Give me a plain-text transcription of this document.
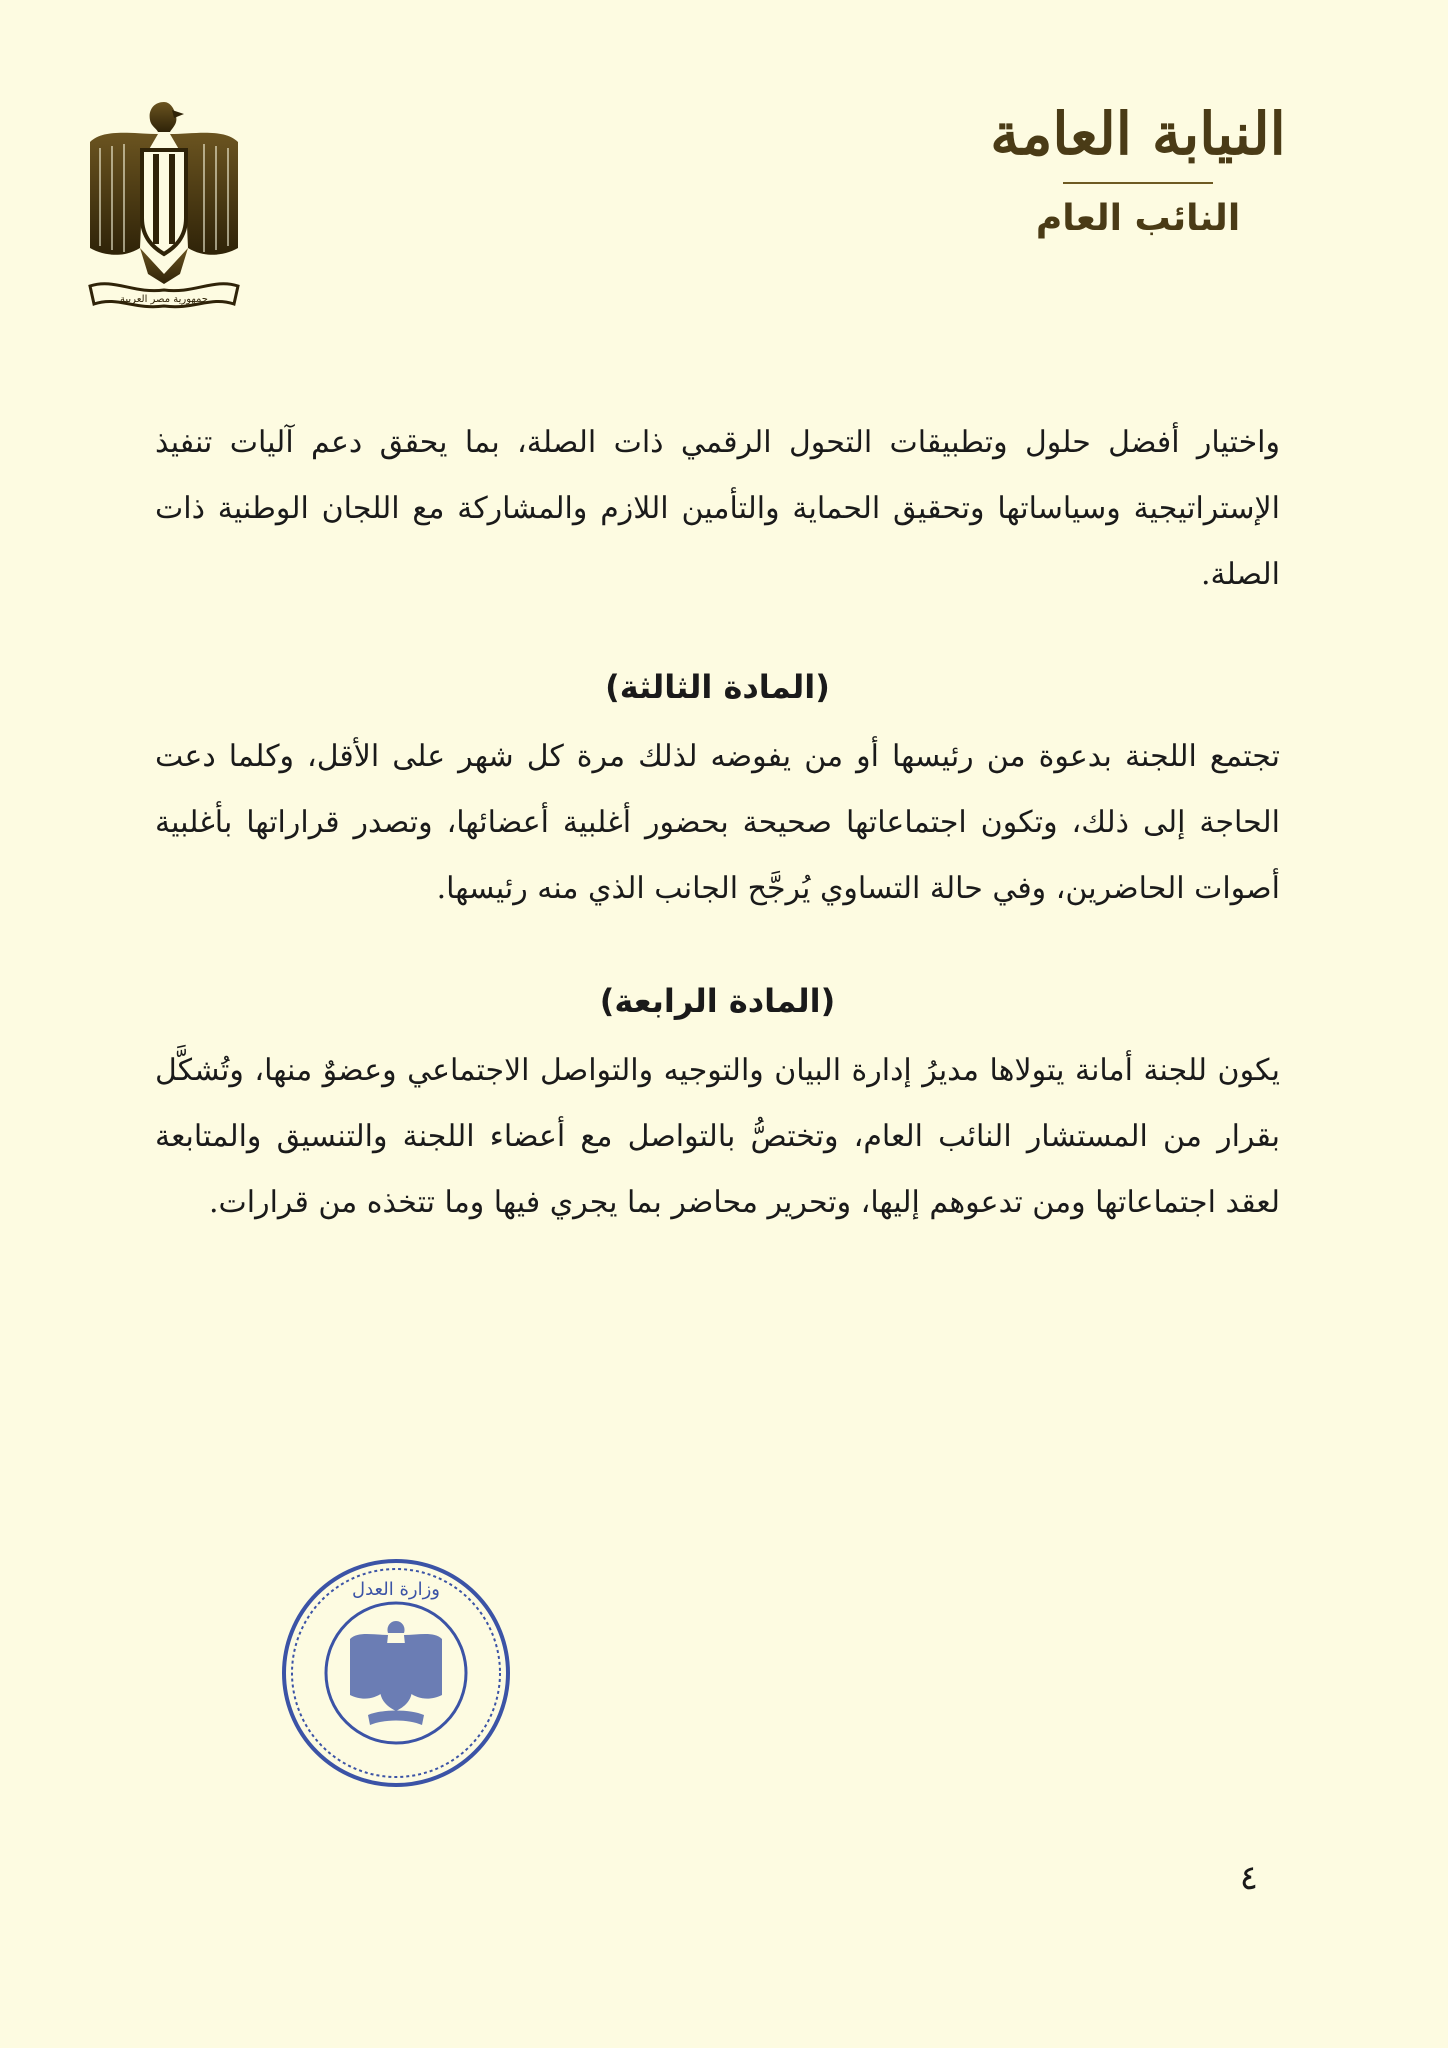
النيابة العامة
النائب العام
جمهورية مصر العربية

واختيار أفضل حلول وتطبيقات التحول الرقمي ذات الصلة، بما يحقق دعم آليات تنفيذ الإستراتيجية وسياساتها وتحقيق الحماية والتأمين اللازم والمشاركة مع اللجان الوطنية ذات الصلة.

(المادة الثالثة)

تجتمع اللجنة بدعوة من رئيسها أو من يفوضه لذلك مرة كل شهر على الأقل، وكلما دعت الحاجة إلى ذلك، وتكون اجتماعاتها صحيحة بحضور أغلبية أعضائها، وتصدر قراراتها بأغلبية أصوات الحاضرين، وفي حالة التساوي يُرجَّح الجانب الذي منه رئيسها.

(المادة الرابعة)

يكون للجنة أمانة يتولاها مديرُ إدارة البيان والتوجيه والتواصل الاجتماعي وعضوٌ منها، وتُشكَّل بقرار من المستشار النائب العام، وتختصُّ بالتواصل مع أعضاء اللجنة والتنسيق والمتابعة لعقد اجتماعاتها ومن تدعوهم إليها، وتحرير محاضر بما يجري فيها وما تتخذه من قرارات.

وزارة العدل
٤
